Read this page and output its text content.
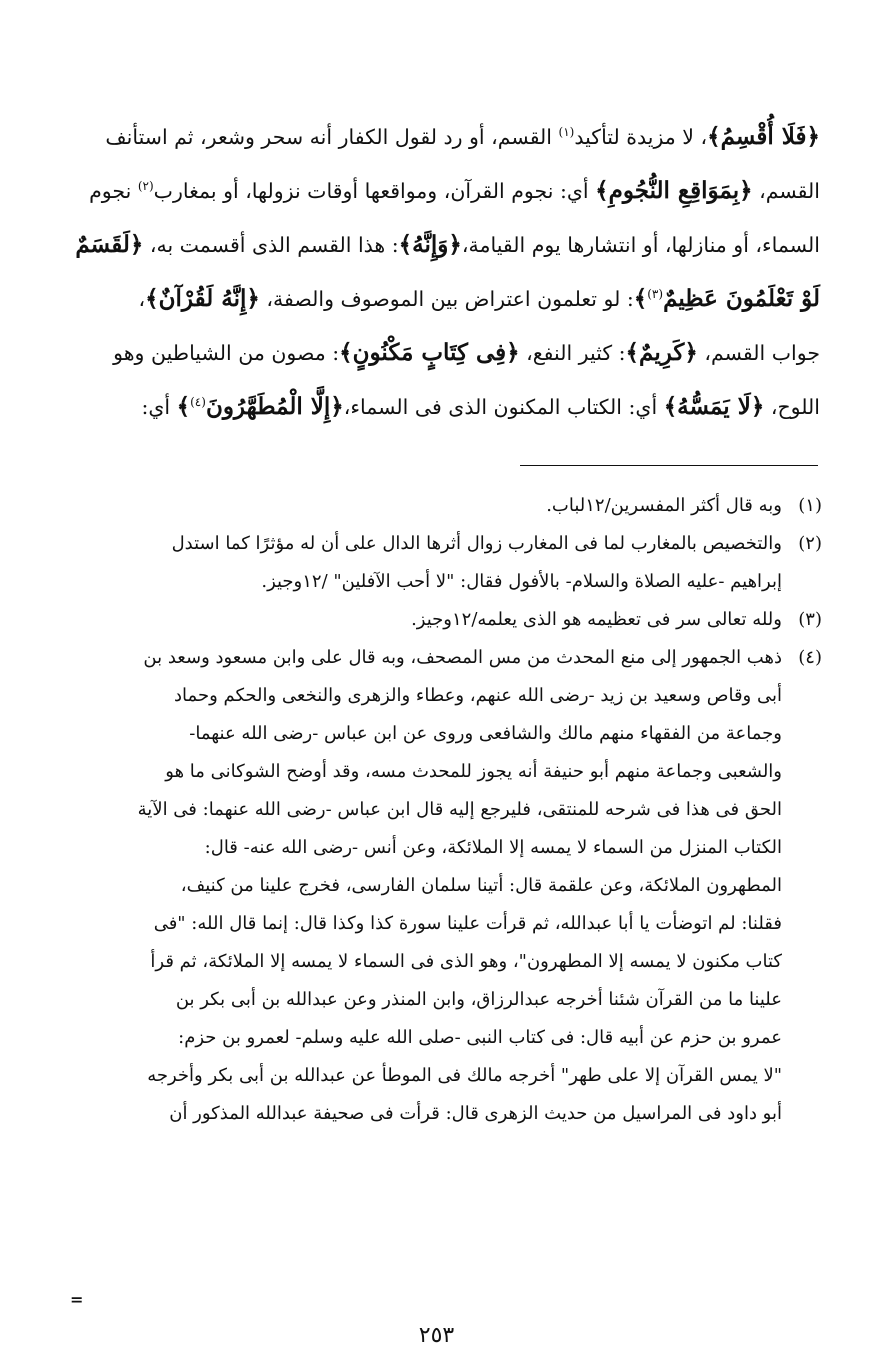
﴿فَلَا أُقْسِمُ﴾، لا مزيدة لتأكيد$^{(١)}$ القسم، أو رد لقول الكفار أنه سحر وشعر، ثم استأنف

القسم، ﴿بِمَوَاقِعِ النُّجُومِ﴾ أي: نجوم القرآن، ومواقعها أوقات نزولها، أو بمغارب$^{(٢)}$ نجوم

السماء، أو منازلها، أو انتشارها يوم القيامة،﴿وَإِنَّهُ﴾: هذا القسم الذى أقسمت به، ﴿لَقَسَمٌ

لَوْ تَعْلَمُونَ عَظِيمٌ$^{(٣)}$﴾: لو تعلمون اعتراض بين الموصوف والصفة، ﴿إِنَّهُ لَقُرْآنٌ﴾،

جواب القسم، ﴿كَرِيمٌ﴾: كثير النفع، ﴿فِى كِتَابٍ مَكْنُونٍ﴾: مصون من الشياطين وهو

اللوح، ﴿لَا يَمَسُّهُ﴾ أي: الكتاب المكنون الذى فى السماء،﴿إِلَّا الْمُطَهَّرُونَ$^{(٤)}$﴾ أي:

(١)
وبه قال أكثر المفسرين/١٢لباب.
(٢)
والتخصيص بالمغارب لما فى المغارب زوال أثرها الدال على أن له مؤثرًا كما استدل
إبراهيم -عليه الصلاة والسلام- بالأفول فقال: "لا أحب الآفلين" /١٢وجيز.
(٣)
ولله تعالى سر فى تعظيمه هو الذى يعلمه/١٢وجيز.
(٤)
ذهب الجمهور إلى منع المحدث من مس المصحف، وبه قال على وابن مسعود وسعد بن
أبى وقاص وسعيد بن زيد -رضى الله عنهم، وعطاء والزهرى والنخعى والحكم وحماد
وجماعة من الفقهاء منهم مالك والشافعى وروى عن ابن عباس -رضى الله عنهما-
والشعبى وجماعة منهم أبو حنيفة أنه يجوز للمحدث مسه، وقد أوضح الشوكانى ما هو
الحق فى هذا فى شرحه للمنتقى، فليرجع إليه قال ابن عباس -رضى الله عنهما: فى الآية
الكتاب المنزل من السماء لا يمسه إلا الملائكة، وعن أنس -رضى الله عنه- قال:
المطهرون الملائكة، وعن علقمة قال: أتينا سلمان الفارسى، فخرج علينا من كنيف،
فقلنا: لم اتوضأت يا أبا عبدالله، ثم قرأت علينا سورة كذا وكذا قال: إنما قال الله: "فى
كتاب مكنون لا يمسه إلا المطهرون"، وهو الذى فى السماء لا يمسه إلا الملائكة، ثم قرأ
علينا ما من القرآن شئنا أخرجه عبدالرزاق، وابن المنذر وعن عبدالله بن أبى بكر بن
عمرو بن حزم عن أبيه قال: فى كتاب النبى -صلى الله عليه وسلم- لعمرو بن حزم:
"لا يمس القرآن إلا على طهر" أخرجه مالك فى الموطأ عن عبدالله بن أبى بكر وأخرجه
أبو داود فى المراسيل من حديث الزهرى قال: قرأت فى صحيفة عبدالله المذكور أن
=
٢٥٣
